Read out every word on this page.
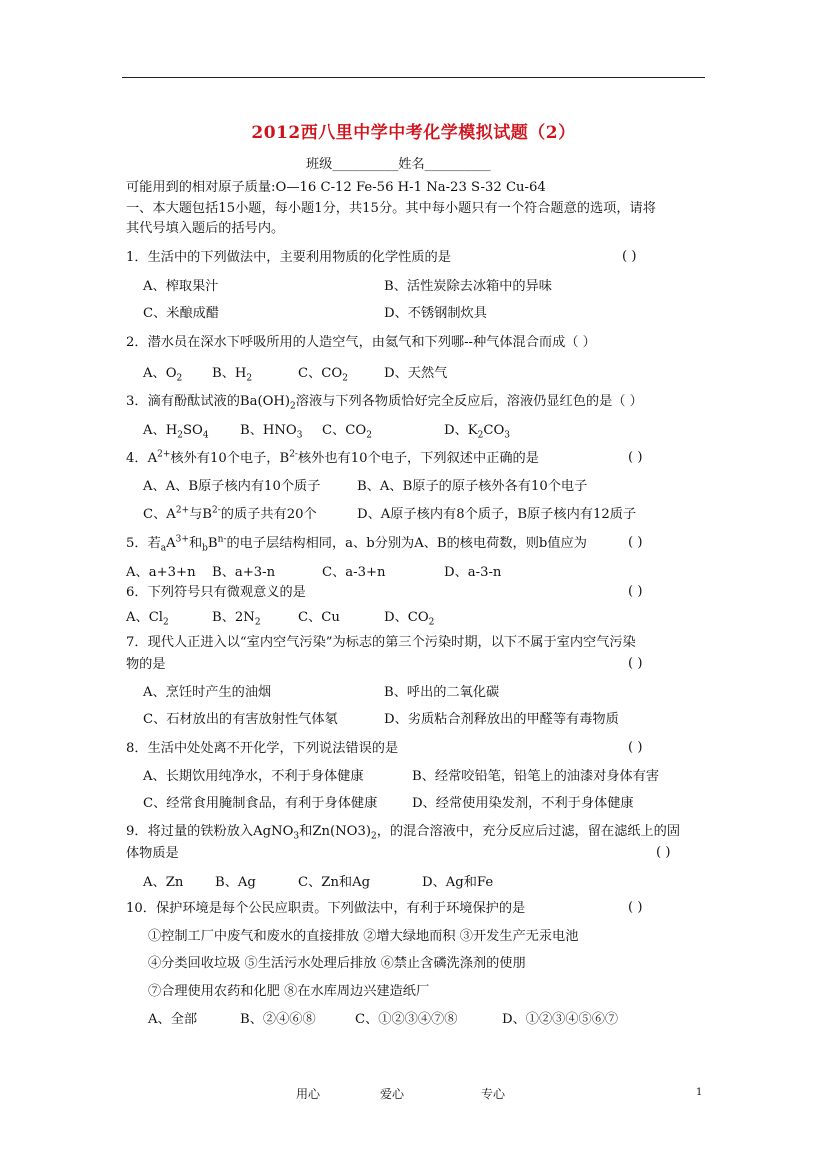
2012西八里中学中考化学模拟试题（2）
班级__________姓名__________
可能用到的相对原子质量:O—16 C-12 Fe-56 H-1 Na-23 S-32 Cu-64
一、本大题包括15小题，每小题1分，共15分。其中每小题只有一个符合题意的选项，请将
其代号填入题后的括号内。
1．生活中的下列做法中，主要利用物质的化学性质的是	( )
A、榨取果汁	B、活性炭除去冰箱中的异味
C、米酿成醋	D、不锈钢制炊具
2．潜水员在深水下呼吸所用的人造空气，由氦气和下列哪--种气体混合而成（ ）
A、$O_2$ B、$H_2$	C、$CO_2$	D、天然气
3．滴有酚酞试液的$Ba(OH)_2$溶液与下列各物质恰好完全反应后，溶液仍显红色的是（ ）
A、$H_2SO_4$ B、$HNO_3$ C、$CO_2$	D、$K_2CO_3$
4．$A^{2+}$核外有10个电子，$B^{2-}$核外也有10个电子，下列叙述中正确的是	( )
A、A、B原子核内有10个质子	B、A、B原子的原子核外各有10个电子
C、$A^{2+}$与$B^{2-}$的质子共有20个	D、A原子核内有8个质子，B原子核内有12质子
5．若$_aA^{3+}$和$_bB^{n-}$的电子层结构相同，a、b分别为A、B的核电荷数，则b值应为	( )
A、a+3+n B、a+3-n	C、a-3+n	D、a-3-n
6．下列符号只有微观意义的是	( )
A、$Cl_2$	B、$2N_2$	C、Cu	D、$CO_2$
7．现代人正进入以“室内空气污染”为标志的第三个污染时期，以下不属于室内空气污染
物的是	( )
A、烹饪时产生的油烟	B、呼出的二氧化碳
C、石材放出的有害放射性气体氡	D、劣质粘合剂释放出的甲醛等有毒物质
8．生活中处处离不开化学，下列说法错误的是	( )
A、长期饮用纯净水，不利于身体健康	B、经常咬铅笔，铅笔上的油漆对身体有害
C、经常食用腌制食品，有利于身体健康	D、经常使用染发剂，不利于身体健康
9．将过量的铁粉放入AgNO$_3$和$Zn(NO3)_2$，的混合溶液中，充分反应后过滤，留在滤纸上的固
体物质是	( )
A、Zn B、Ag	C、Zn和Ag	D、Ag和Fe
10．保护环境是每个公民应职责。下列做法中，有利于环境保护的是	( )
①控制工厂中废气和废水的直接排放 ②增大绿地而积 ③开发生产无汞电池
④分类回收垃圾 ⑤生活污水处理后排放 ⑥禁止含磷洗涤剂的使朋
⑦合理使用农药和化肥 ⑧在水库周边兴建造纸厂
A、全部	B、②④⑥⑧	C、①②③④⑦⑧	D、①②③④⑤⑥⑦
用心	爱心	专心	1
